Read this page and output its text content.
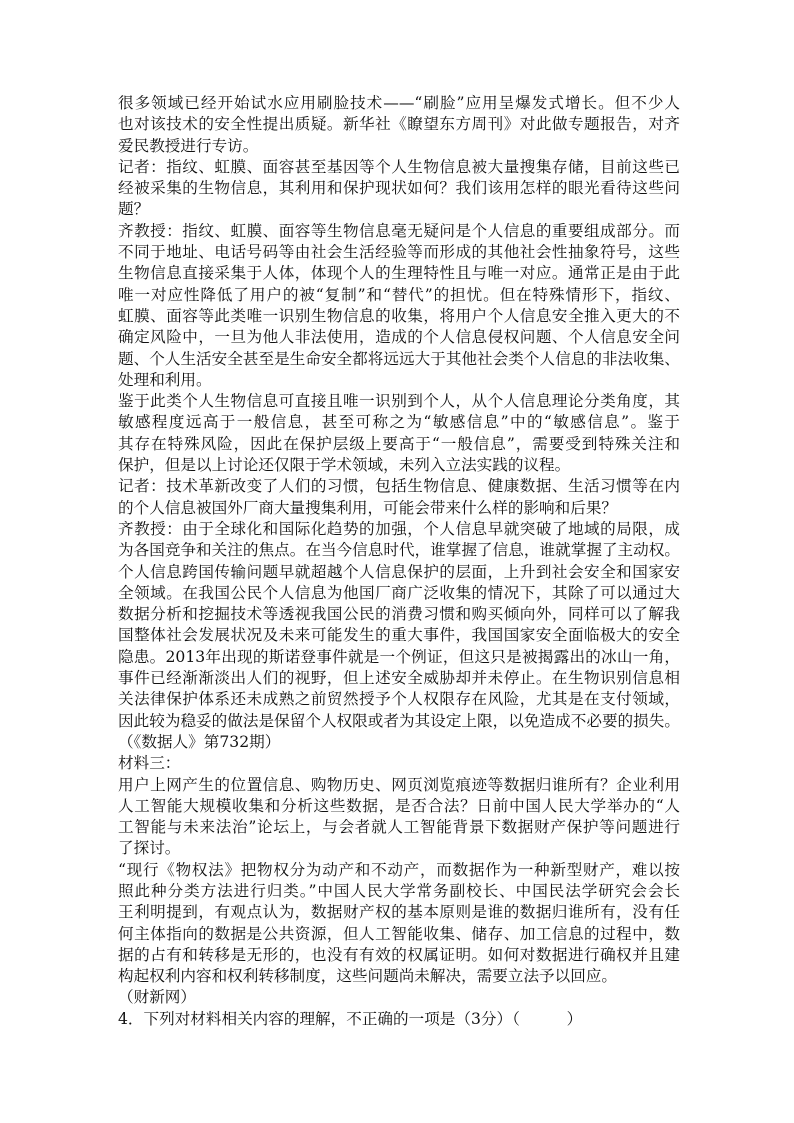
很多领域已经开始试水应用刷脸技术——“刷脸”应用呈爆发式增长。但不少人
也对该技术的安全性提出质疑。新华社《瞭望东方周刊》对此做专题报告，对齐
爱民教授进行专访。
记者：指纹、虹膜、面容甚至基因等个人生物信息被大量搜集存储，目前这些已
经被采集的生物信息，其利用和保护现状如何？我们该用怎样的眼光看待这些问
题？
齐教授：指纹、虹膜、面容等生物信息毫无疑问是个人信息的重要组成部分。而
不同于地址、电话号码等由社会生活经验等而形成的其他社会性抽象符号，这些
生物信息直接采集于人体，体现个人的生理特性且与唯一对应。通常正是由于此
唯一对应性降低了用户的被“复制”和“替代”的担忧。但在特殊情形下，指纹、
虹膜、面容等此类唯一识别生物信息的收集，将用户个人信息安全推入更大的不
确定风险中，一旦为他人非法使用，造成的个人信息侵权问题、个人信息安全问
题、个人生活安全甚至是生命安全都将远远大于其他社会类个人信息的非法收集、
处理和利用。
鉴于此类个人生物信息可直接且唯一识别到个人，从个人信息理论分类角度，其
敏感程度远高于一般信息，甚至可称之为“敏感信息”中的“敏感信息”。鉴于
其存在特殊风险，因此在保护层级上要高于“一般信息”，需要受到特殊关注和
保护，但是以上讨论还仅限于学术领域，未列入立法实践的议程。
记者：技术革新改变了人们的习惯，包括生物信息、健康数据、生活习惯等在内
的个人信息被国外厂商大量搜集利用，可能会带来什么样的影响和后果？
齐教授：由于全球化和国际化趋势的加强，个人信息早就突破了地域的局限，成
为各国竞争和关注的焦点。在当今信息时代，谁掌握了信息，谁就掌握了主动权。
个人信息跨国传输问题早就超越个人信息保护的层面，上升到社会安全和国家安
全领域。在我国公民个人信息为他国厂商广泛收集的情况下，其除了可以通过大
数据分析和挖掘技术等透视我国公民的消费习惯和购买倾向外，同样可以了解我
国整体社会发展状况及未来可能发生的重大事件，我国国家安全面临极大的安全
隐患。2013年出现的斯诺登事件就是一个例证，但这只是被揭露出的冰山一角，
事件已经渐渐淡出人们的视野，但上述安全威胁却并未停止。在生物识别信息相
关法律保护体系还未成熟之前贸然授予个人权限存在风险，尤其是在支付领域，
因此较为稳妥的做法是保留个人权限或者为其设定上限，以免造成不必要的损失。
（《数据人》第732期）
材料三：
用户上网产生的位置信息、购物历史、网页浏览痕迹等数据归谁所有？企业利用
人工智能大规模收集和分析这些数据，是否合法？日前中国人民大学举办的“人
工智能与未来法治”论坛上，与会者就人工智能背景下数据财产保护等问题进行
了探讨。
“现行《物权法》把物权分为动产和不动产，而数据作为一种新型财产，难以按
照此种分类方法进行归类。”中国人民大学常务副校长、中国民法学研究会会长
王利明提到，有观点认为，数据财产权的基本原则是谁的数据归谁所有，没有任
何主体指向的数据是公共资源，但人工智能收集、储存、加工信息的过程中，数
据的占有和转移是无形的，也没有有效的权属证明。如何对数据进行确权并且建
构起权利内容和权利转移制度，这些问题尚未解决，需要立法予以回应。
（财新网）
4．下列对材料相关内容的理解，不正确的一项是（3分）（　　　）
